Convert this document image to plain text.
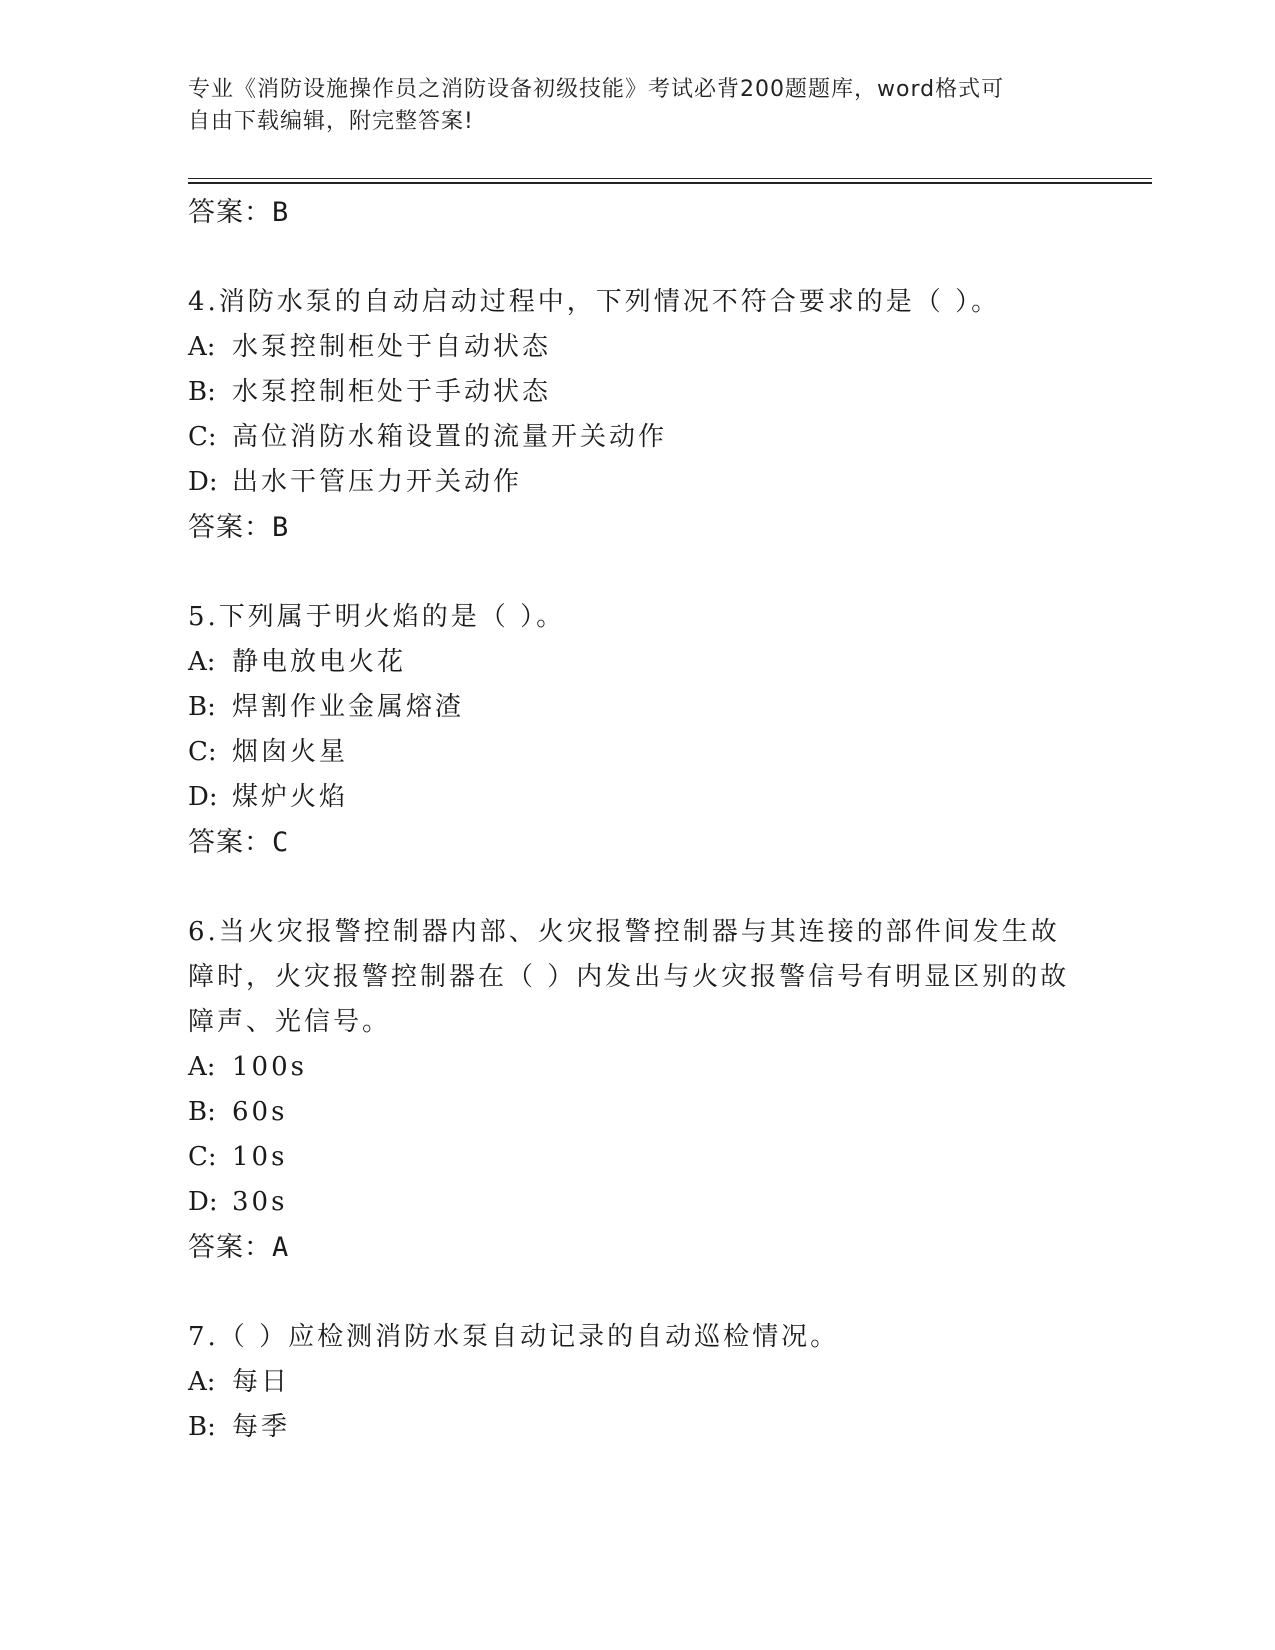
专业《消防设施操作员之消防设备初级技能》考试必背200题题库，word格式可
自由下载编辑，附完整答案!
答案：B
4.消防水泵的自动启动过程中，下列情况不符合要求的是（ ）。
A: 水泵控制柜处于自动状态
B: 水泵控制柜处于手动状态
C: 高位消防水箱设置的流量开关动作
D: 出水干管压力开关动作
答案：B
5.下列属于明火焰的是（ ）。
A: 静电放电火花
B: 焊割作业金属熔渣
C: 烟囱火星
D: 煤炉火焰
答案：C
6.当火灾报警控制器内部、火灾报警控制器与其连接的部件间发生故障时，火灾报警控制器在（ ）内发出与火灾报警信号有明显区别的故障声、光信号。
A: 100s
B: 60s
C: 10s
D: 30s
答案：A
7.（ ）应检测消防水泵自动记录的自动巡检情况。
A: 每日
B: 每季
